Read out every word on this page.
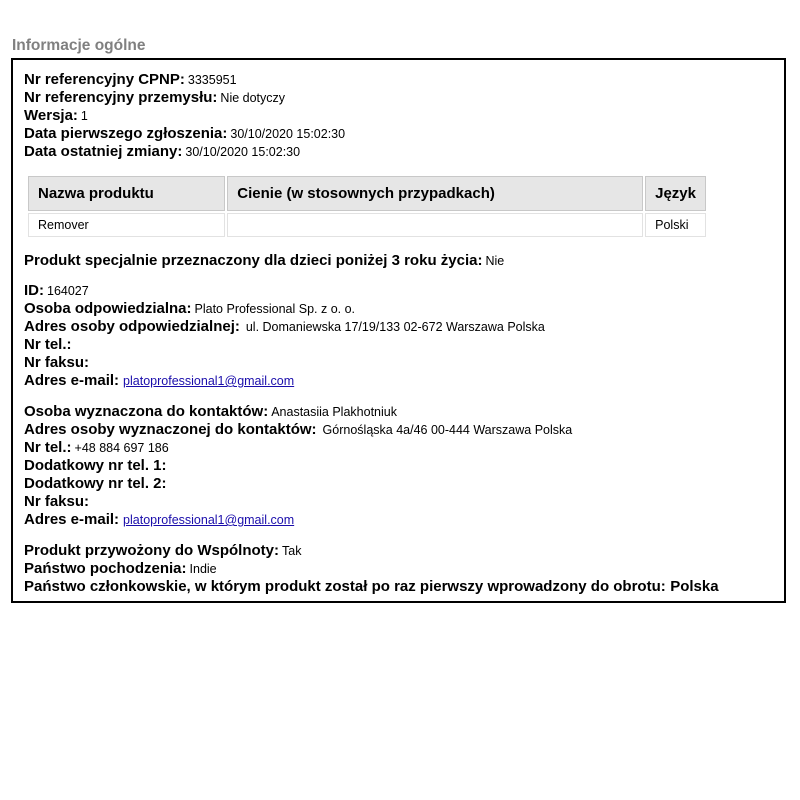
Informacje ogólne
Nr referencyjny CPNP: 3335951
Nr referencyjny przemysłu: Nie dotyczy
Wersja: 1
Data pierwszego zgłoszenia: 30/10/2020 15:02:30
Data ostatniej zmiany: 30/10/2020 15:02:30
Nazwa produktu	Cienie (w stosownych przypadkach)	Język
Remover		Polski
Produkt specjalnie przeznaczony dla dzieci poniżej 3 roku życia: Nie
ID: 164027
Osoba odpowiedzialna: Plato Professional Sp. z o. o.
Adres osoby odpowiedzialnej: ul. Domaniewska 17/19/133 02-672 Warszawa Polska
Nr tel.:
Nr faksu:
Adres e-mail: platoprofessional1@gmail.com
Osoba wyznaczona do kontaktów: Anastasiia Plakhotniuk
Adres osoby wyznaczonej do kontaktów: Górnośląska 4a/46 00-444 Warszawa Polska
Nr tel.: +48 884 697 186
Dodatkowy nr tel. 1:
Dodatkowy nr tel. 2:
Nr faksu:
Adres e-mail: platoprofessional1@gmail.com
Produkt przywożony do Wspólnoty: Tak
Państwo pochodzenia: Indie
Państwo członkowskie, w którym produkt został po raz pierwszy wprowadzony do obrotu: Polska
